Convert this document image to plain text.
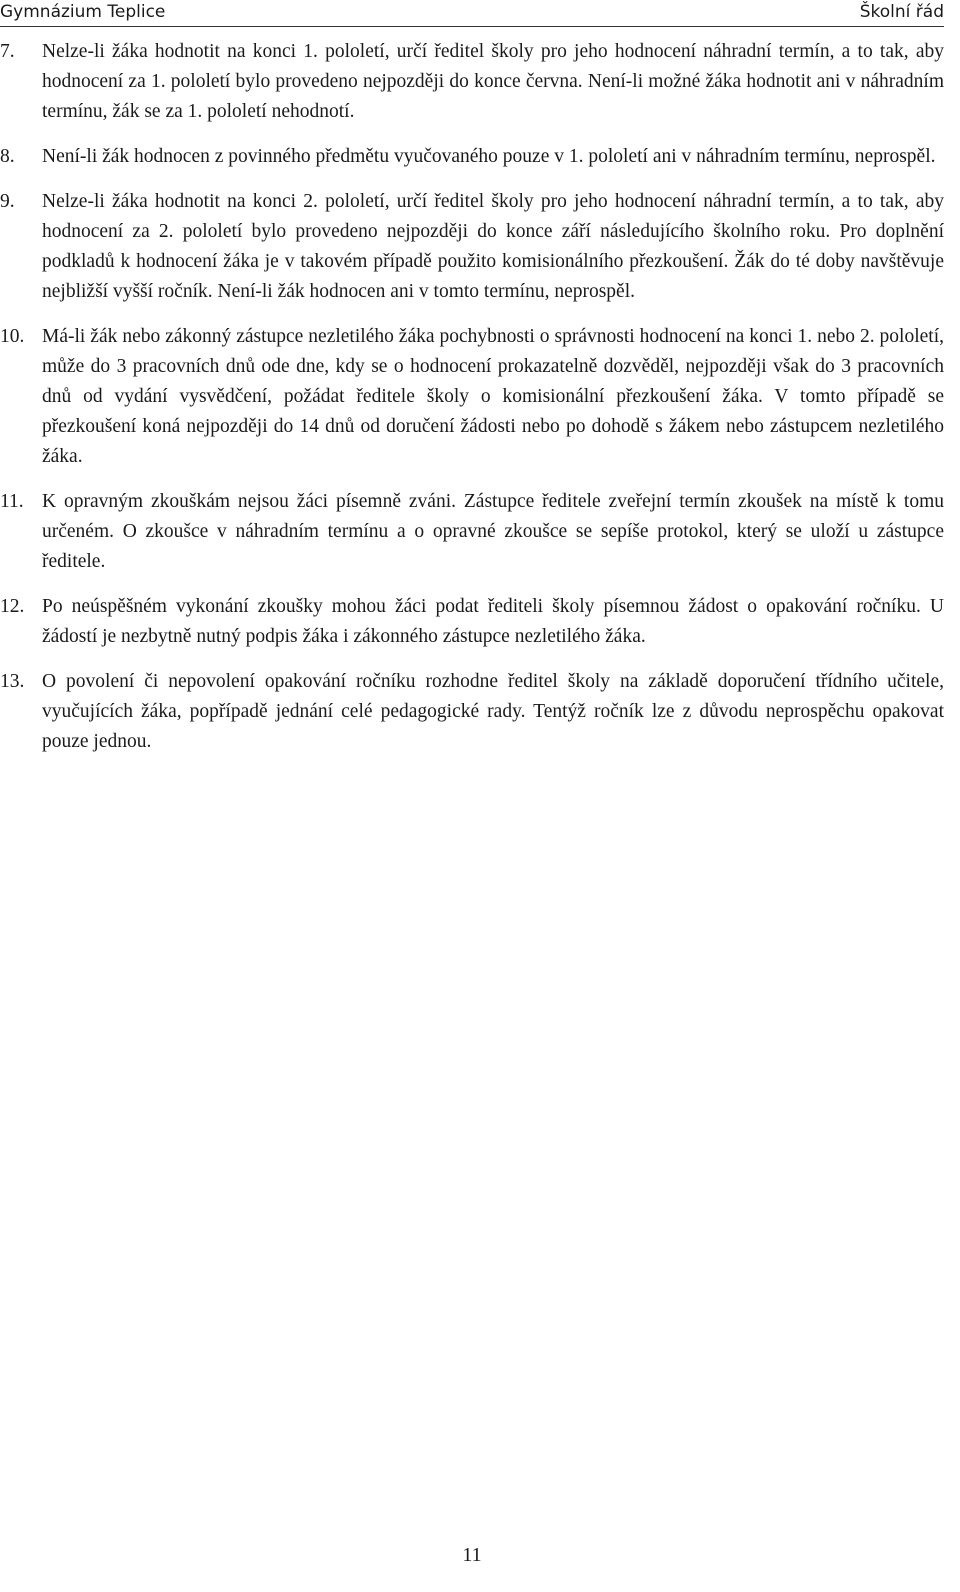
Gymnázium Teplice	Školní řád
7.	Nelze-li žáka hodnotit na konci 1. pololetí, určí ředitel školy pro jeho hodnocení náhradní termín, a to tak, aby hodnocení za 1. pololetí bylo provedeno nejpozději do konce června. Není-li možné žáka hodnotit ani v náhradním termínu, žák se za 1. pololetí nehodnotí.
8.	Není-li žák hodnocen z povinného předmětu vyučovaného pouze v 1. pololetí ani v náhradním termínu, neprospěl.
9.	Nelze-li žáka hodnotit na konci 2. pololetí, určí ředitel školy pro jeho hodnocení náhradní termín, a to tak, aby hodnocení za 2. pololetí bylo provedeno nejpozději do konce září následujícího školního roku. Pro doplnění podkladů k hodnocení žáka je v takovém případě použito komisionálního přezkoušení. Žák do té doby navštěvuje nejbližší vyšší ročník. Není-li žák hodnocen ani v tomto termínu, neprospěl.
10. Má-li žák nebo zákonný zástupce nezletilého žáka pochybnosti o správnosti hodnocení na konci 1. nebo 2. pololetí, může do 3 pracovních dnů ode dne, kdy se o hodnocení prokazatelně dozvěděl, nejpozději však do 3 pracovních dnů od vydání vysvědčení, požádat ředitele školy o komisionální přezkoušení žáka. V tomto případě se přezkoušení koná nejpozději do 14 dnů od doručení žádosti nebo po dohodě s žákem nebo zástupcem nezletilého žáka.
11. K opravným zkouškám nejsou žáci písemně zváni. Zástupce ředitele zveřejní termín zkoušek na místě k tomu určeném. O zkoušce v náhradním termínu a o opravné zkoušce se sepíše protokol, který se uloží u zástupce ředitele.
12. Po neúspěšném vykonání zkoušky mohou žáci podat řediteli školy písemnou žádost o opakování ročníku. U žádostí je nezbytně nutný podpis žáka i zákonného zástupce nezletilého žáka.
13. O povolení či nepovolení opakování ročníku rozhodne ředitel školy na základě doporučení třídního učitele, vyučujících žáka, popřípadě jednání celé pedagogické rady. Tentýž ročník lze z důvodu neprospěchu opakovat pouze jednou.
11
